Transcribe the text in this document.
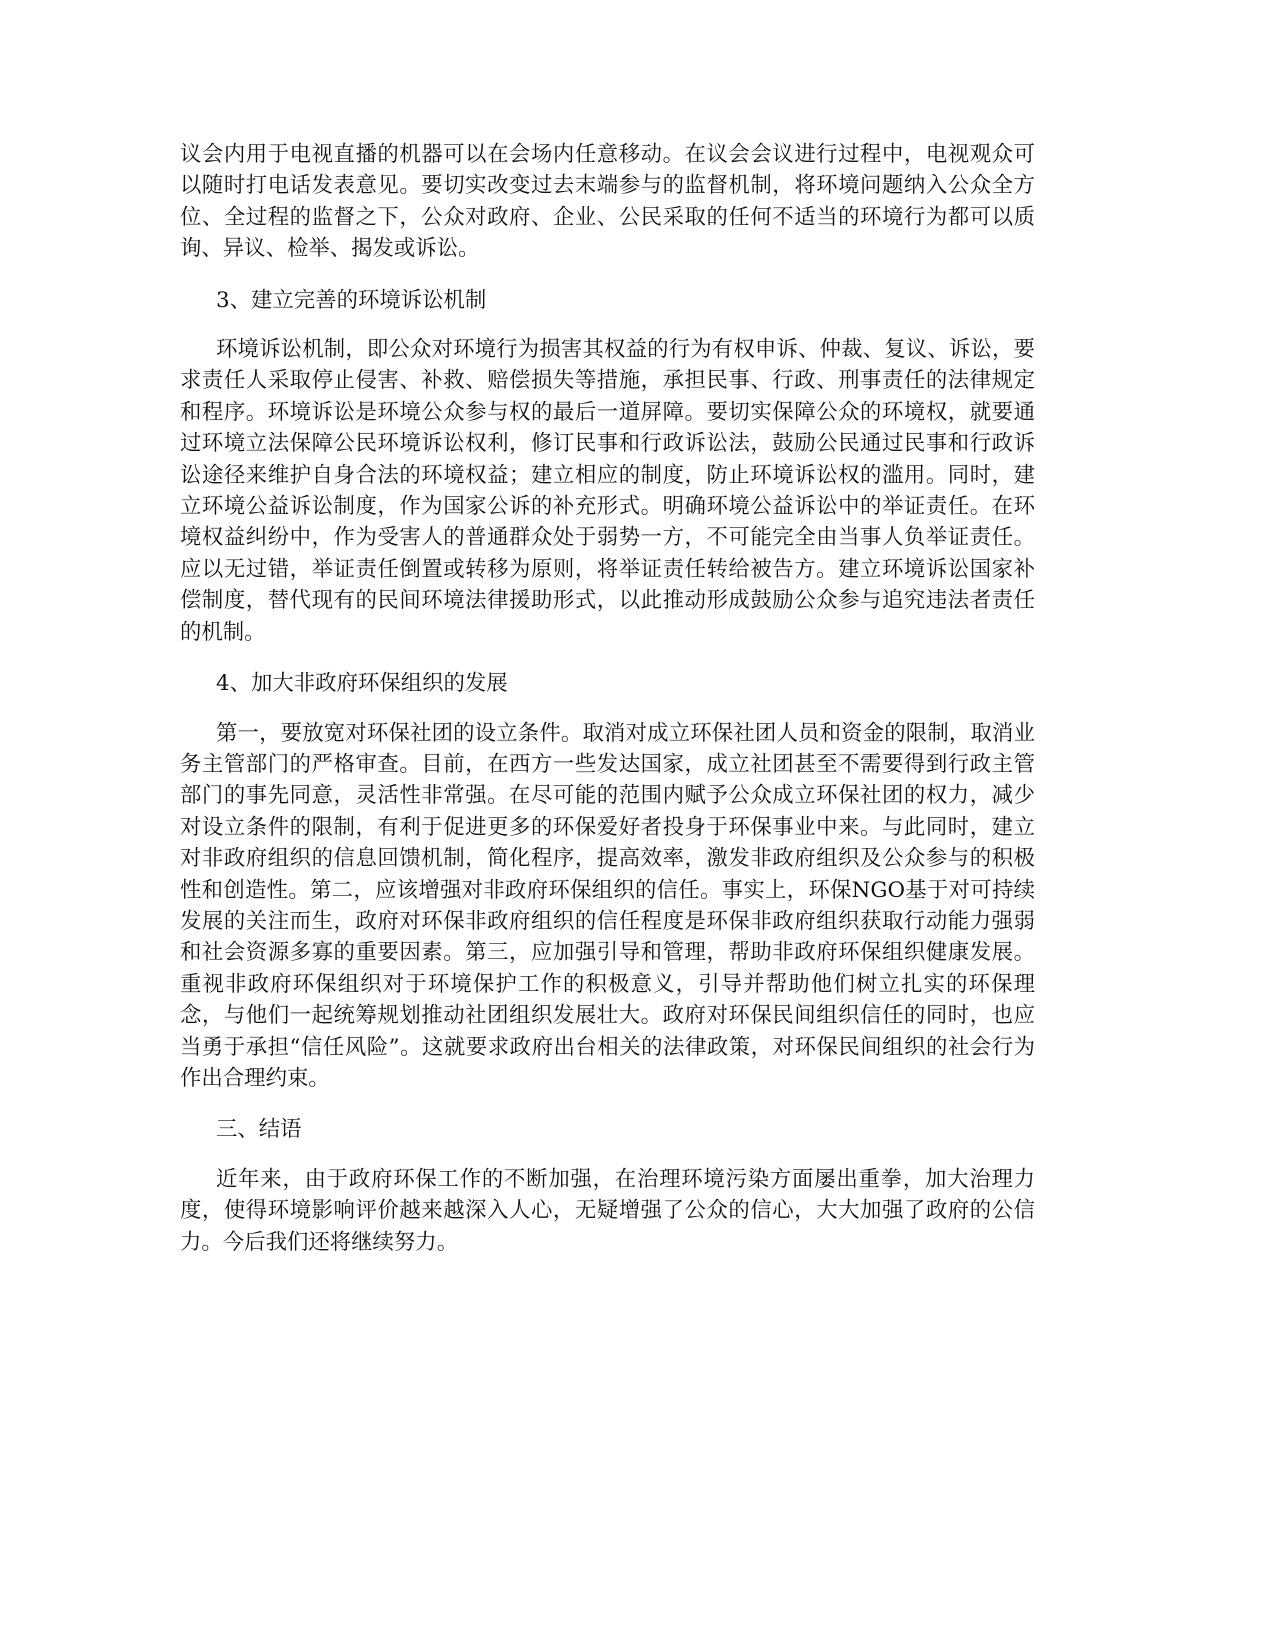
议会内用于电视直播的机器可以在会场内任意移动。在议会会议进行过程中，电视观众可以随时打电话发表意见。要切实改变过去末端参与的监督机制，将环境问题纳入公众全方位、全过程的监督之下，公众对政府、企业、公民采取的任何不适当的环境行为都可以质询、异议、检举、揭发或诉讼。

3、建立完善的环境诉讼机制

环境诉讼机制，即公众对环境行为损害其权益的行为有权申诉、仲裁、复议、诉讼，要求责任人采取停止侵害、补救、赔偿损失等措施，承担民事、行政、刑事责任的法律规定和程序。环境诉讼是环境公众参与权的最后一道屏障。要切实保障公众的环境权，就要通过环境立法保障公民环境诉讼权利，修订民事和行政诉讼法，鼓励公民通过民事和行政诉讼途径来维护自身合法的环境权益；建立相应的制度，防止环境诉讼权的滥用。同时，建立环境公益诉讼制度，作为国家公诉的补充形式。明确环境公益诉讼中的举证责任。在环境权益纠纷中，作为受害人的普通群众处于弱势一方，不可能完全由当事人负举证责任。应以无过错，举证责任倒置或转移为原则，将举证责任转给被告方。建立环境诉讼国家补偿制度，替代现有的民间环境法律援助形式，以此推动形成鼓励公众参与追究违法者责任的机制。

4、加大非政府环保组织的发展

第一，要放宽对环保社团的设立条件。取消对成立环保社团人员和资金的限制，取消业务主管部门的严格审查。目前，在西方一些发达国家，成立社团甚至不需要得到行政主管部门的事先同意，灵活性非常强。在尽可能的范围内赋予公众成立环保社团的权力，减少对设立条件的限制，有利于促进更多的环保爱好者投身于环保事业中来。与此同时，建立对非政府组织的信息回馈机制，简化程序，提高效率，激发非政府组织及公众参与的积极性和创造性。第二，应该增强对非政府环保组织的信任。事实上，环保NGO基于对可持续发展的关注而生，政府对环保非政府组织的信任程度是环保非政府组织获取行动能力强弱和社会资源多寡的重要因素。第三，应加强引导和管理，帮助非政府环保组织健康发展。重视非政府环保组织对于环境保护工作的积极意义，引导并帮助他们树立扎实的环保理念，与他们一起统筹规划推动社团组织发展壮大。政府对环保民间组织信任的同时，也应当勇于承担“信任风险”。这就要求政府出台相关的法律政策，对环保民间组织的社会行为作出合理约束。

三、结语

近年来，由于政府环保工作的不断加强，在治理环境污染方面屡出重拳，加大治理力度，使得环境影响评价越来越深入人心，无疑增强了公众的信心，大大加强了政府的公信力。今后我们还将继续努力。
